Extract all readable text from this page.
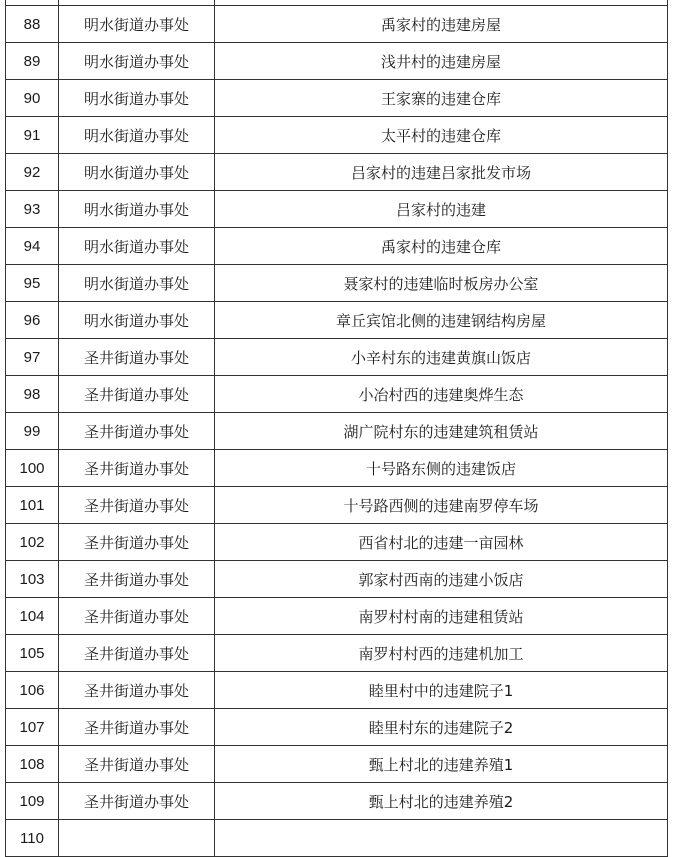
88	明水街道办事处	禹家村的违建房屋
89	明水街道办事处	浅井村的违建房屋
90	明水街道办事处	王家寨的违建仓库
91	明水街道办事处	太平村的违建仓库
92	明水街道办事处	吕家村的违建吕家批发市场
93	明水街道办事处	吕家村的违建
94	明水街道办事处	禹家村的违建仓库
95	明水街道办事处	聂家村的违建临时板房办公室
96	明水街道办事处	章丘宾馆北侧的违建钢结构房屋
97	圣井街道办事处	小辛村东的违建黄旗山饭店
98	圣井街道办事处	小冶村西的违建奥烨生态
99	圣井街道办事处	湖广院村东的违建建筑租赁站
100	圣井街道办事处	十号路东侧的违建饭店
101	圣井街道办事处	十号路西侧的违建南罗停车场
102	圣井街道办事处	西省村北的违建一亩园林
103	圣井街道办事处	郭家村西南的违建小饭店
104	圣井街道办事处	南罗村村南的违建租赁站
105	圣井街道办事处	南罗村村西的违建机加工
106	圣井街道办事处	睦里村中的违建院子1
107	圣井街道办事处	睦里村东的违建院子2
108	圣井街道办事处	甄上村北的违建养殖1
109	圣井街道办事处	甄上村北的违建养殖2
110		
